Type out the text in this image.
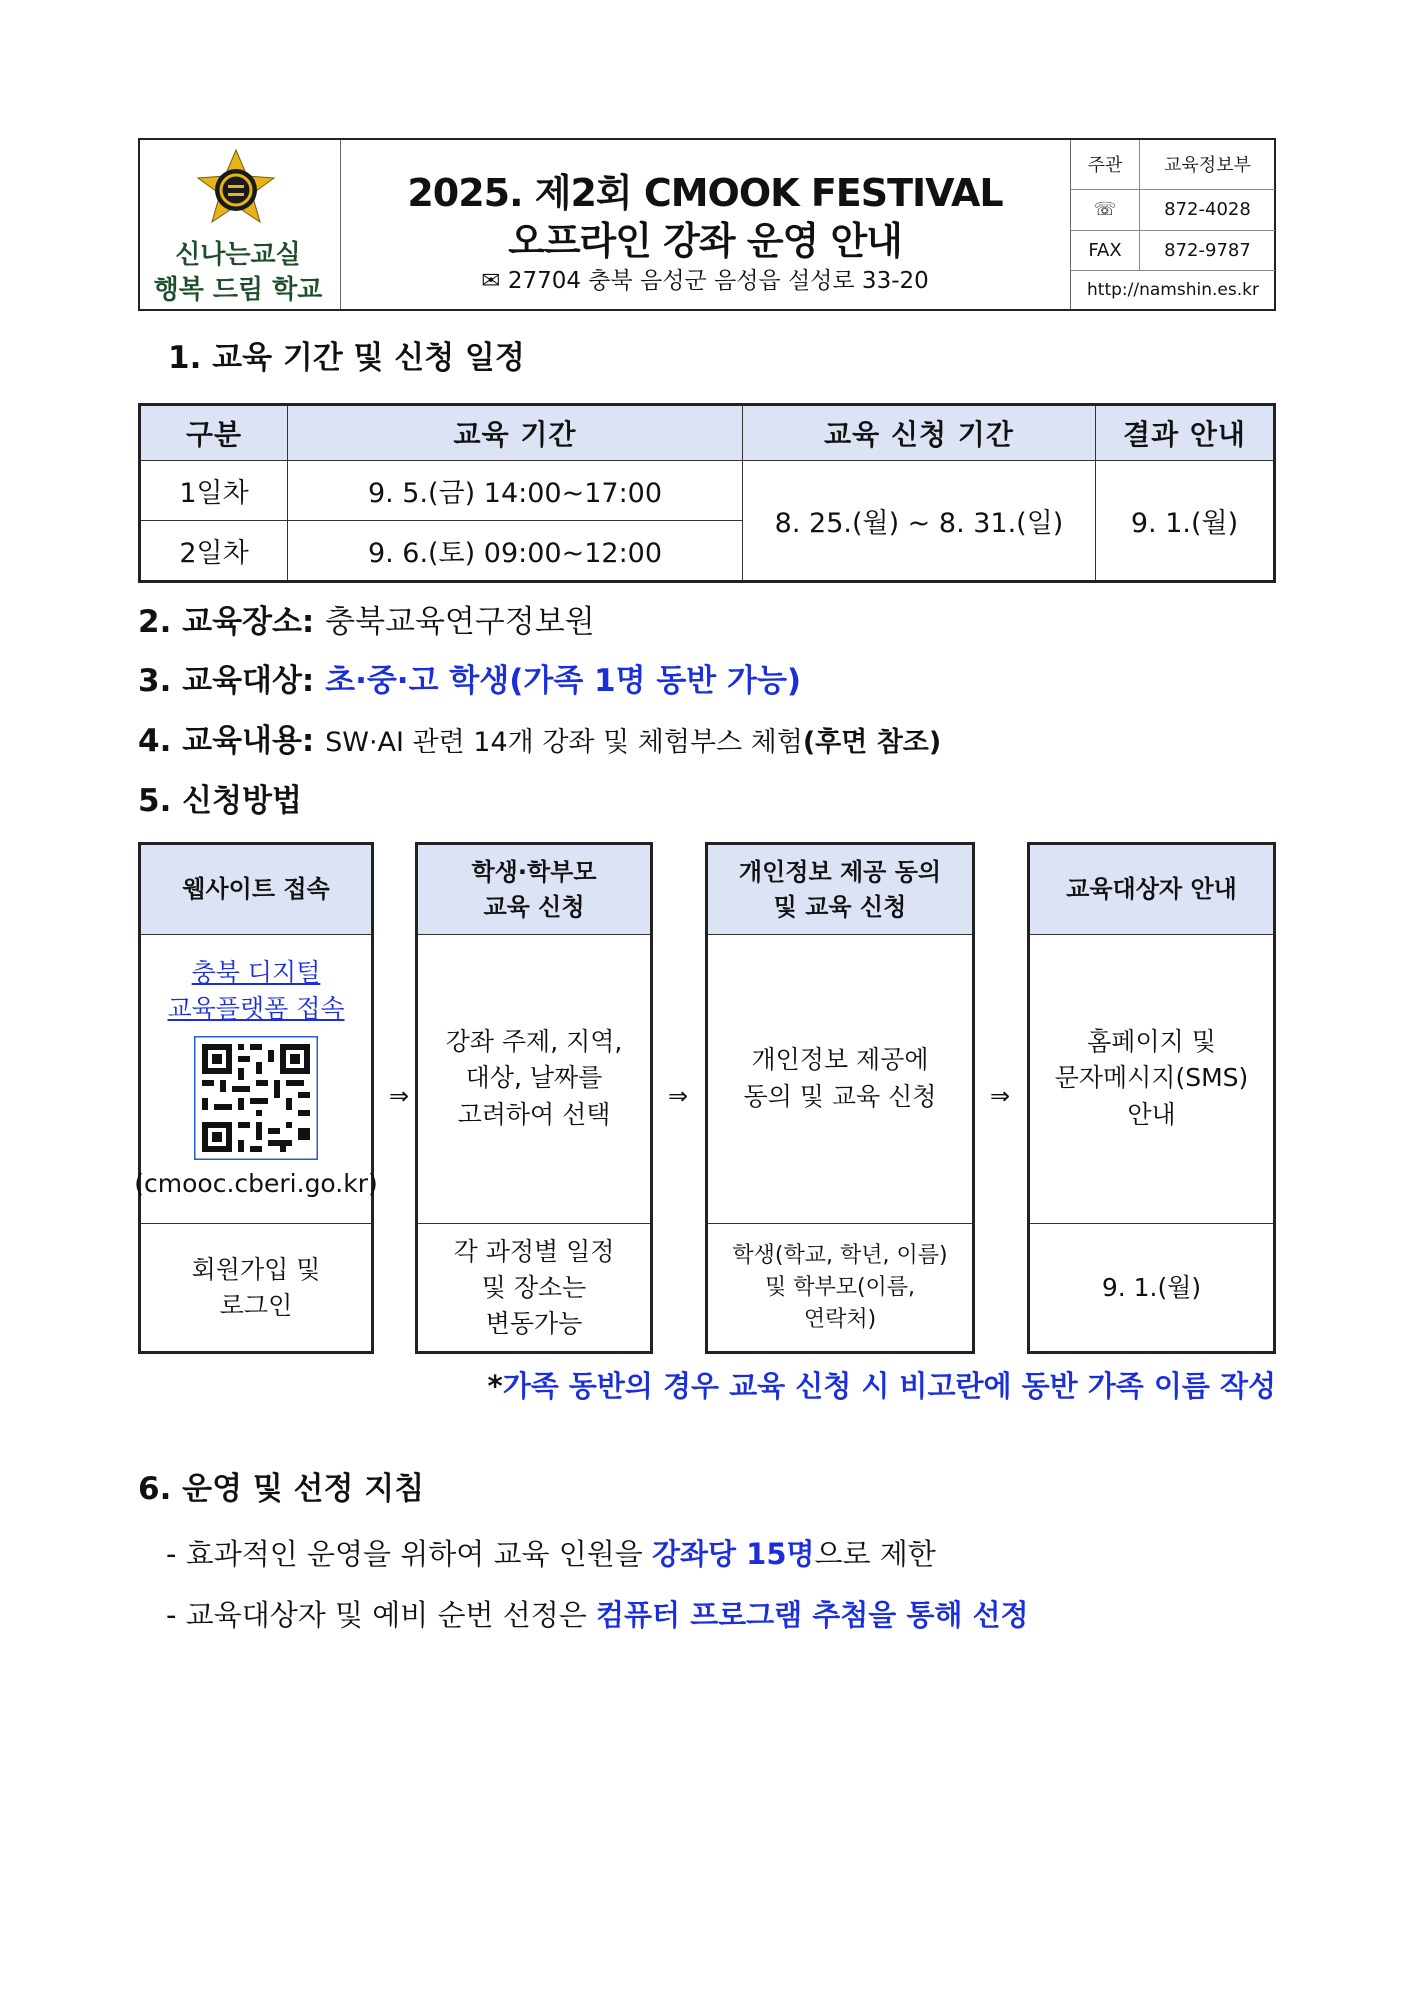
신나는교실
행복 드림 학교
2025. 제2회 CMOOK FESTIVAL
오프라인 강좌 운영 안내
✉ 27704 충북 음성군 음성읍 설성로 33-20
주관	교육정보부
☏	872-4028
FAX	872-9787
http://namshin.es.kr	
1. 교육 기간 및 신청 일정
구분	교육 기간	교육 신청 기간	결과 안내
1일차	9. 5.(금) 14:00~17:00	8. 25.(월) ~ 8. 31.(일)	9. 1.(월)
2일차	9. 6.(토) 09:00~12:00		
2. 교육장소: 충북교육연구정보원
3. 교육대상: 초·중·고 학생(가족 1명 동반 가능)
4. 교육내용: SW·AI 관련 14개 강좌 및 체험부스 체험(후면 참조)
5. 신청방법
웹사이트 접속
충북 디지털
교육플랫폼 접속
(cmooc.cberi.go.kr)
회원가입 및
로그인
⇒
학생·학부모
교육 신청
강좌 주제, 지역,
대상, 날짜를
고려하여 선택
각 과정별 일정
및 장소는
변동가능
⇒
개인정보 제공 동의
및 교육 신청
개인정보 제공에
동의 및 교육 신청
학생(학교, 학년, 이름)
및 학부모(이름,
연락처)
⇒
교육대상자 안내
홈페이지 및
문자메시지(SMS)
안내
9. 1.(월)
*가족 동반의 경우 교육 신청 시 비고란에 동반 가족 이름 작성
6. 운영 및 선정 지침
- 효과적인 운영을 위하여 교육 인원을 강좌당 15명으로 제한
- 교육대상자 및 예비 순번 선정은 컴퓨터 프로그램 추첨을 통해 선정
